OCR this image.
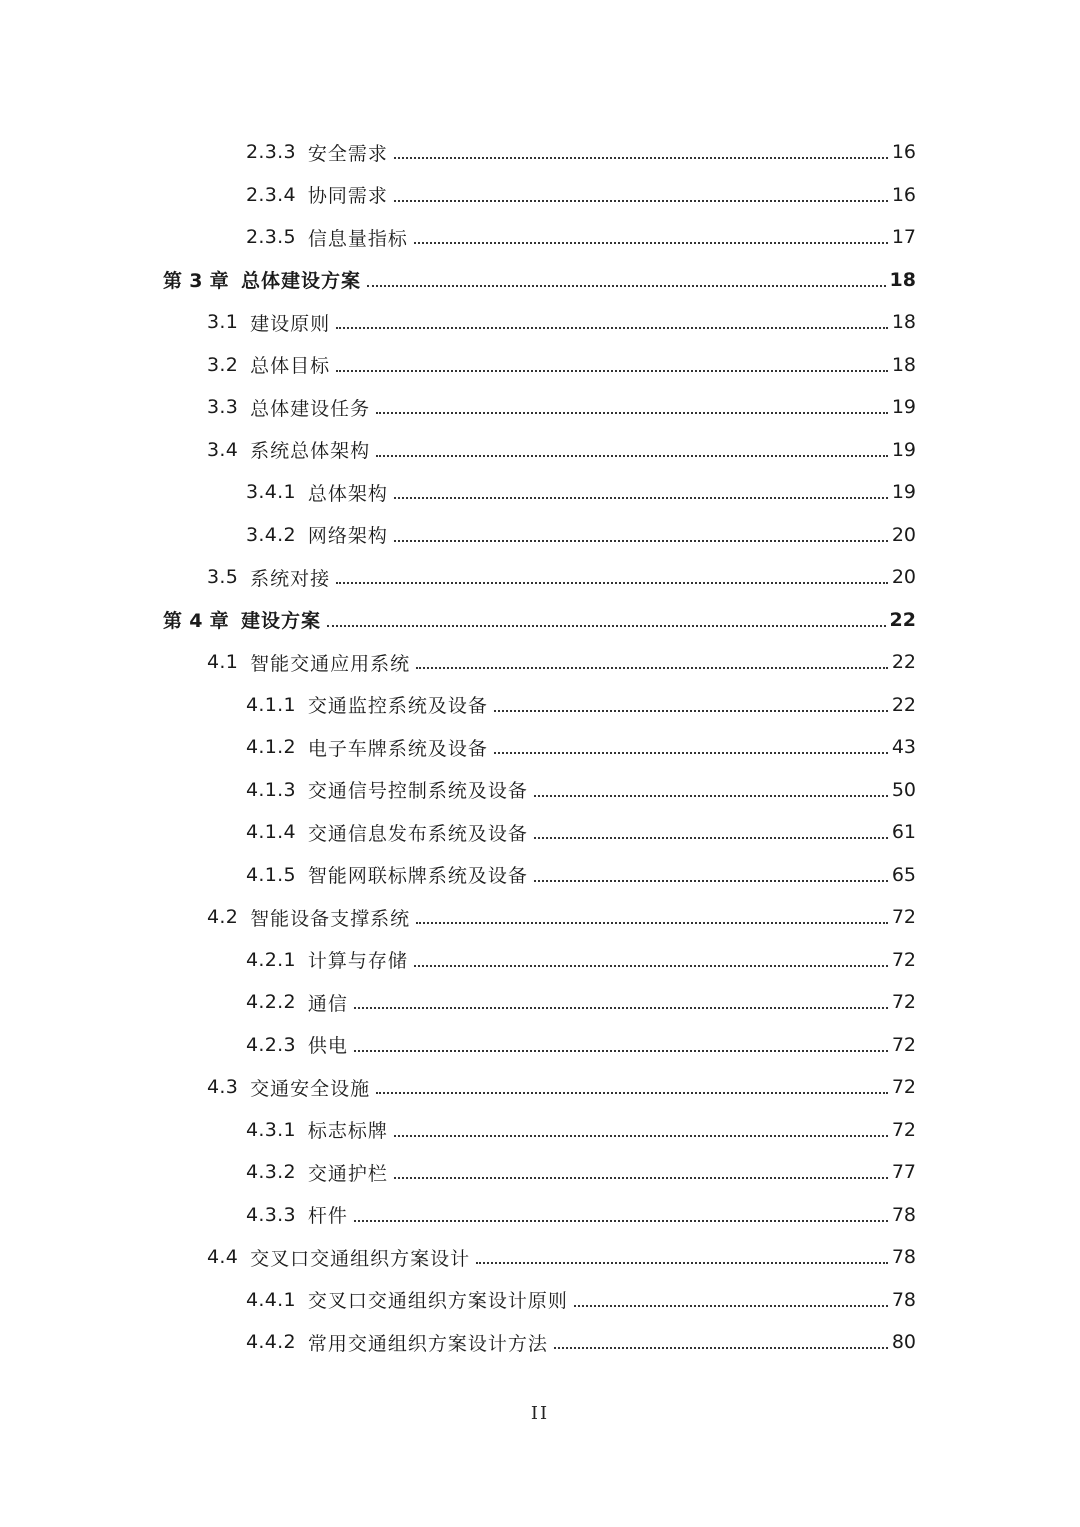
2.3.3 安全需求	16
2.3.4 协同需求	16
2.3.5 信息量指标	17
第 3 章 总体建设方案	18
3.1 建设原则	18
3.2 总体目标	18
3.3 总体建设任务	19
3.4 系统总体架构	19
3.4.1 总体架构	19
3.4.2 网络架构	20
3.5 系统对接	20
第 4 章 建设方案	22
4.1 智能交通应用系统	22
4.1.1 交通监控系统及设备	22
4.1.2 电子车牌系统及设备	43
4.1.3 交通信号控制系统及设备	50
4.1.4 交通信息发布系统及设备	61
4.1.5 智能网联标牌系统及设备	65
4.2 智能设备支撑系统	72
4.2.1 计算与存储	72
4.2.2 通信	72
4.2.3 供电	72
4.3 交通安全设施	72
4.3.1 标志标牌	72
4.3.2 交通护栏	77
4.3.3 杆件	78
4.4 交叉口交通组织方案设计	78
4.4.1 交叉口交通组织方案设计原则	78
4.4.2 常用交通组织方案设计方法	80
II
